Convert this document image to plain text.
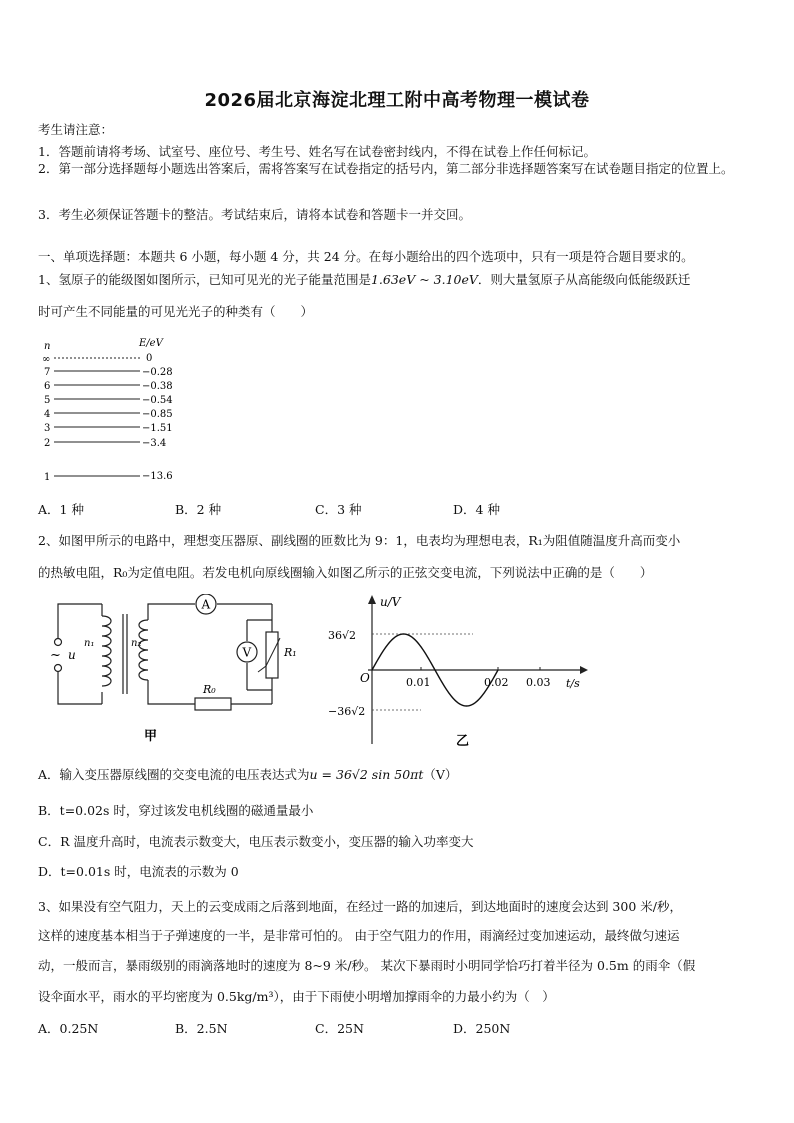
2026届北京海淀北理工附中高考物理一模试卷
考生请注意：
1．答题前请将考场、试室号、座位号、考生号、姓名写在试卷密封线内，不得在试卷上作任何标记。
2．第一部分选择题每小题选出答案后，需将答案写在试卷指定的括号内，第二部分非选择题答案写在试卷题目指定的位置上。
3．考生必须保证答题卡的整洁。考试结束后，请将本试卷和答题卡一并交回。
一、单项选择题：本题共 6 小题，每小题 4 分，共 24 分。在每小题给出的四个选项中，只有一项是符合题目要求的。
1、氢原子的能级图如图所示，已知可见光的光子能量范围是1.63eV ~ 3.10eV．则大量氢原子从高能级向低能级跃迁
时可产生不同能量的可见光光子的种类有（　　）
n	E/eV
∞	0
7	−0.28
6	−0.38
5	−0.54
4	−0.85
3	−1.51
2	−3.4
1	−13.6
A．1 种	B．2 种	C．3 种	D．4 种
2、如图甲所示的电路中，理想变压器原、副线圈的匝数比为 9：1，电表均为理想电表，R₁为阻值随温度升高而变小
的热敏电阻，R₀为定值电阻。若发电机向原线圈输入如图乙所示的正弦交变电流，下列说法中正确的是（　　）
~ u
n₁	n₂
A
V	R₁
R₀
甲
u/V
t/s
O
36√2
−36√2
0.01	0.02 0.03
乙
A．输入变压器原线圈的交变电流的电压表达式为u = 36√2 sin 50πt（V）
B．t=0.02s 时，穿过该发电机线圈的磁通量最小
C．R 温度升高时，电流表示数变大，电压表示数变小，变压器的输入功率变大
D．t=0.01s 时，电流表的示数为 0
3、如果没有空气阻力，天上的云变成雨之后落到地面，在经过一路的加速后，到达地面时的速度会达到 300 米/秒，
这样的速度基本相当于子弹速度的一半，是非常可怕的。 由于空气阻力的作用，雨滴经过变加速运动，最终做匀速运
动，一般而言，暴雨级别的雨滴落地时的速度为 8~9 米/秒。 某次下暴雨时小明同学恰巧打着半径为 0.5m 的雨伞（假
设伞面水平，雨水的平均密度为 0.5kg/m³），由于下雨使小明增加撑雨伞的力最小约为（　）
A．0.25N	B．2.5N	C．25N	D．250N
